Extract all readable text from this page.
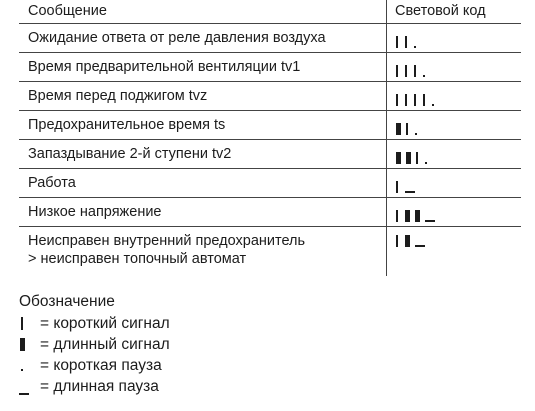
Сообщение	Световой код
Ожидание ответа от реле давления воздуха
Время предварительной вентиляции tv1
Время перед поджигом tvz
Предохранительное время ts
Запаздывание 2-й ступени tv2
Работа
Низкое напряжение
Неисправен внутренний предохранитель
> неисправен топочный автомат
Обозначение
= короткий сигнал
= длинный сигнал
= короткая пауза
= длинная пауза
